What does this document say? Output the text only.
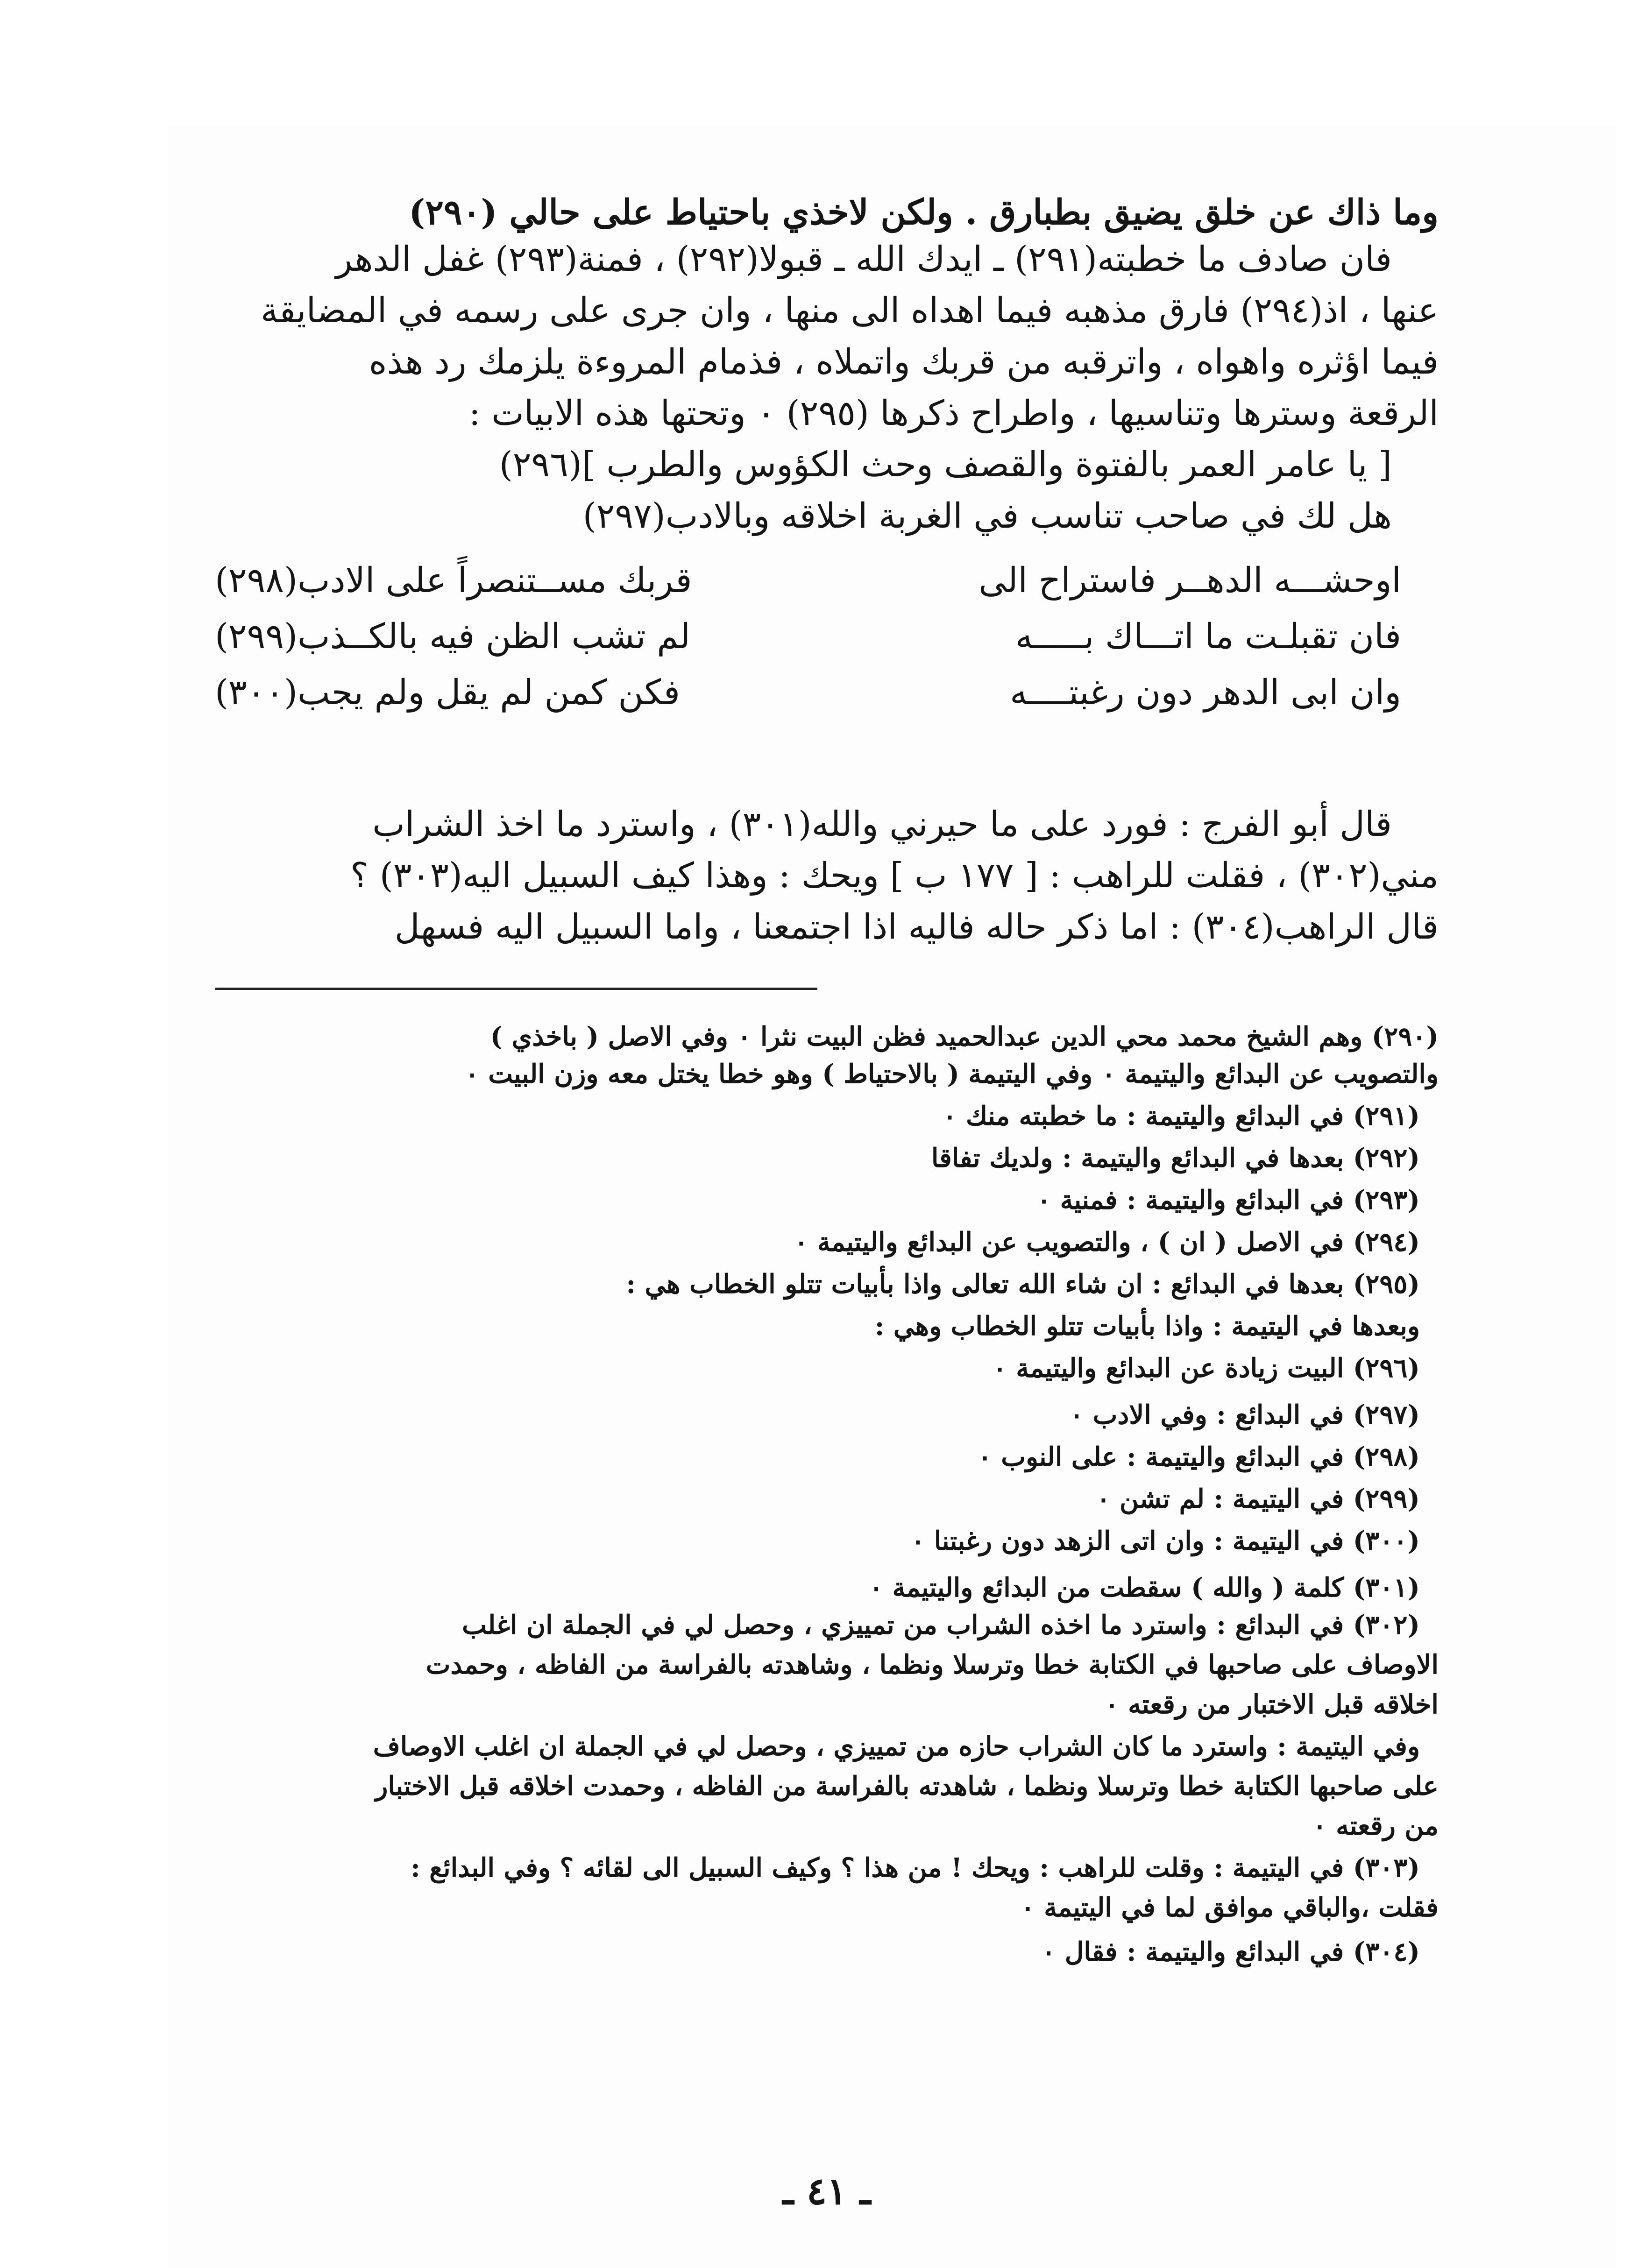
وما ذاك عن خلق يضيق بطبارق . ولكن لاخذي باحتياط على حالي (٢٩٠)
فان صادف ما خطبته(٢٩١) ـ ايدك الله ـ قبولا(٢٩٢) ، فمنة(٢٩٣) غفل الدهر
عنها ، اذ(٢٩٤) فارق مذهبه فيما اهداه الى منها ، وان جرى على رسمه في المضايقة
فيما اؤثره واهواه ، واترقبه من قربك واتملاه ، فذمام المروءة يلزمك رد هذه
الرقعة وسترها وتناسيها ، واطراح ذكرها (٢٩٥) ٠ وتحتها هذه الابيات :
[ يا عامر العمر بالفتوة والقصف وحث الكؤوس والطرب ](٢٩٦)
هل لك في صاحب تناسب في الغربة اخلاقه وبالادب(٢٩٧)
اوحشـــه الدهــر فاستراح الى
قربك مســتنصراً على الادب(٢٩٨)
فان تقبلـت ما اتـــاك بـــــه
لم تشب الظن فيه بالكــذب(٢٩٩)
وان ابى الدهر دون رغبتــــه
فكن كمن لم يقل ولم يجب(٣٠٠)
قال أبو الفرج : فورد على ما حيرني والله(٣٠١) ، واسترد ما اخذ الشراب
مني(٣٠٢) ، فقلت للراهب : [ ١٧٧ ب ] ويحك : وهذا كيف السبيل اليه(٣٠٣) ؟
قال الراهب(٣٠٤) : اما ذكر حاله فاليه اذا اجتمعنا ، واما السبيل اليه فسهل
(٢٩٠) وهم الشيخ محمد محي الدين عبدالحميد فظن البيت نثرا ٠ وفي الاصل ( باخذي )
والتصويب عن البدائع واليتيمة ٠ وفي اليتيمة ( بالاحتياط ) وهو خطا يختل معه وزن البيت ٠
(٢٩١) في البدائع واليتيمة : ما خطبته منك ٠
(٢٩٢) بعدها في البدائع واليتيمة : ولديك تفاقا
(٢٩٣) في البدائع واليتيمة : فمنية ٠
(٢٩٤) في الاصل ( ان ) ، والتصويب عن البدائع واليتيمة ٠
(٢٩٥) بعدها في البدائع : ان شاء الله تعالى واذا بأبيات تتلو الخطاب هي :
وبعدها في اليتيمة : واذا بأبيات تتلو الخطاب وهي :
(٢٩٦) البيت زيادة عن البدائع واليتيمة ٠
(٢٩٧) في البدائع : وفي الادب ٠
(٢٩٨) في البدائع واليتيمة : على النوب ٠
(٢٩٩) في اليتيمة : لم تشن ٠
(٣٠٠) في اليتيمة : وان اتى الزهد دون رغبتنا ٠
(٣٠١) كلمة ( والله ) سقطت من البدائع واليتيمة ٠
(٣٠٢) في البدائع : واسترد ما اخذه الشراب من تمييزي ، وحصل لي في الجملة ان اغلب
الاوصاف على صاحبها في الكتابة خطا وترسلا ونظما ، وشاهدته بالفراسة من الفاظه ، وحمدت
اخلاقه قبل الاختبار من رقعته ٠
وفي اليتيمة : واسترد ما كان الشراب حازه من تمييزي ، وحصل لي في الجملة ان اغلب الاوصاف
على صاحبها الكتابة خطا وترسلا ونظما ، شاهدته بالفراسة من الفاظه ، وحمدت اخلاقه قبل الاختبار
من رقعته ٠
(٣٠٣) في اليتيمة : وقلت للراهب : ويحك ! من هذا ؟ وكيف السبيل الى لقائه ؟ وفي البدائع :
فقلت ،والباقي موافق لما في اليتيمة ٠
(٣٠٤) في البدائع واليتيمة : فقال ٠
ـ ٤١ ـ
